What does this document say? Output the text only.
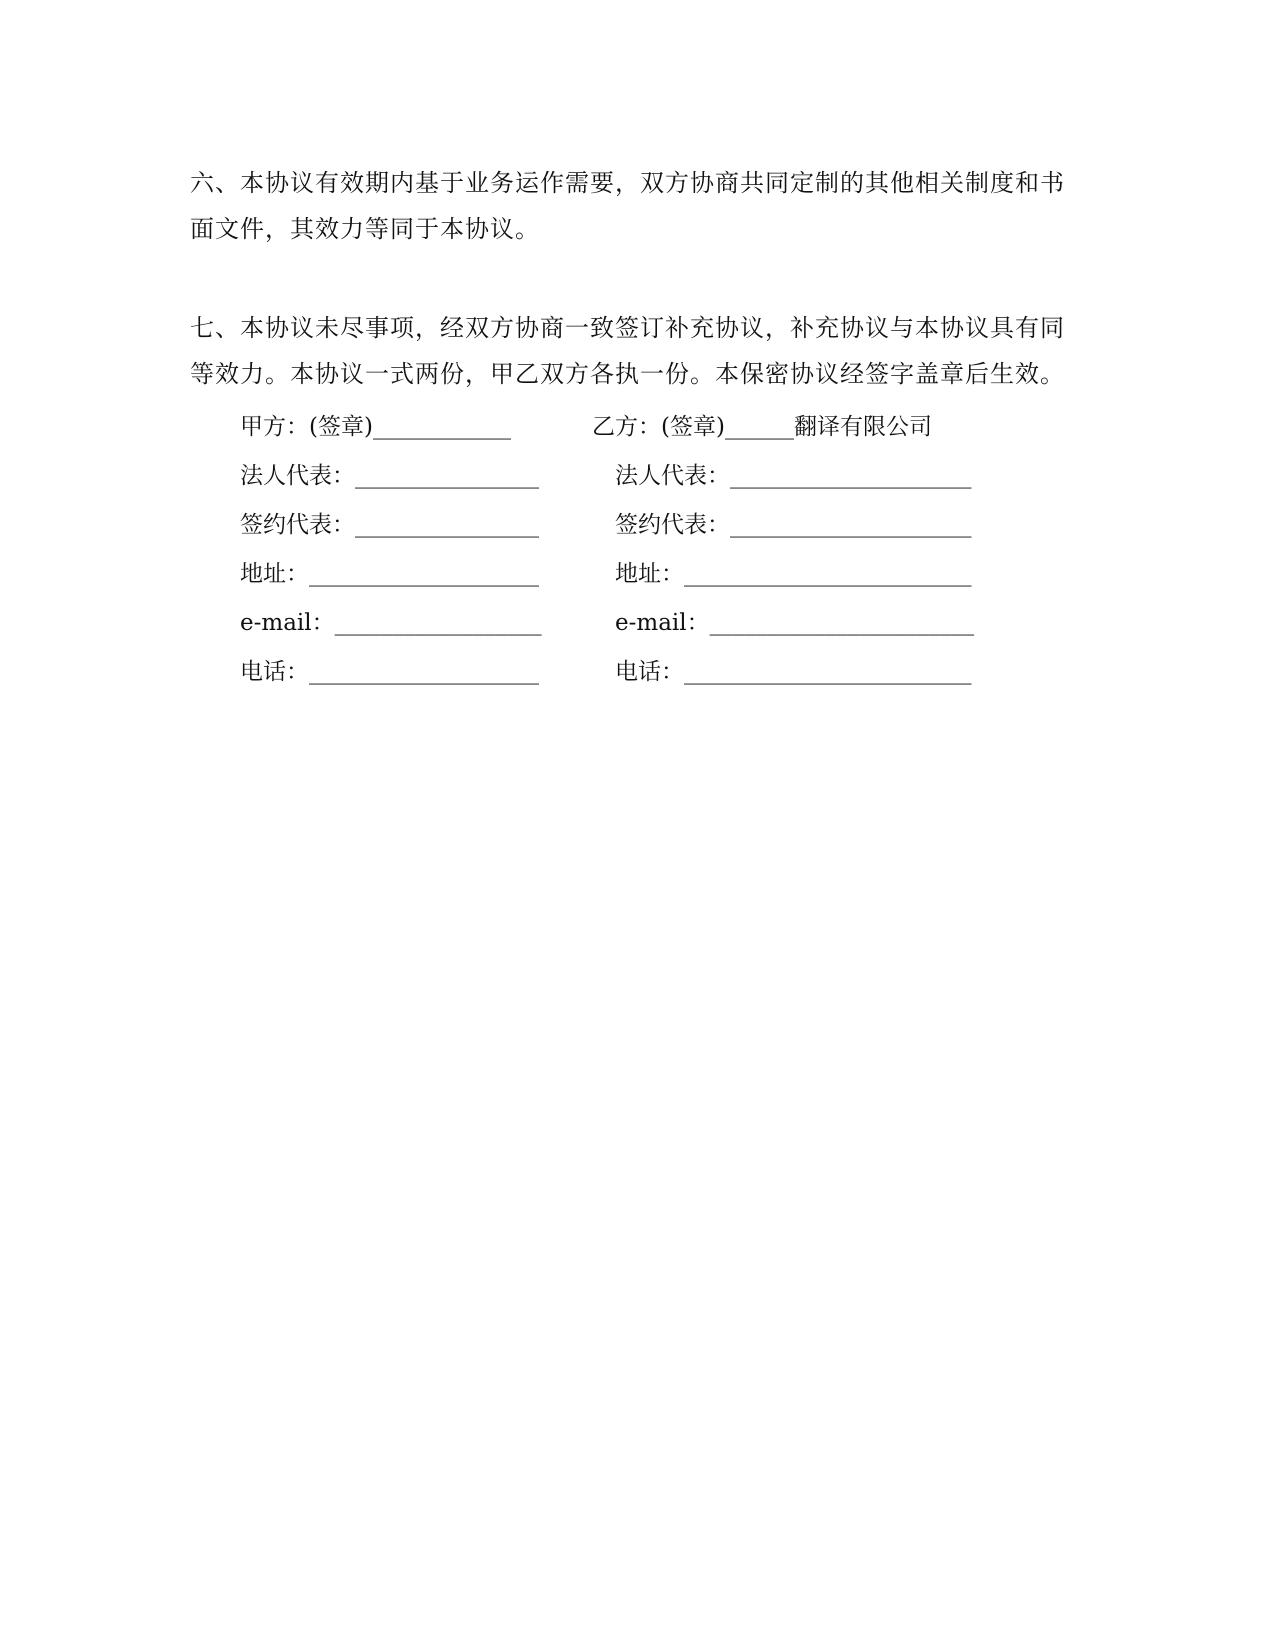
六、本协议有效期内基于业务运作需要，双方协商共同定制的其他相关制度和书面文件，其效力等同于本协议。

七、本协议未尽事项，经双方协商一致签订补充协议，补充协议与本协议具有同等效力。本协议一式两份，甲乙双方各执一份。本保密协议经签字盖章后生效。

甲方：(签章)____________	乙方：(签章)______翻译有限公司
法人代表：________________	法人代表：_____________________
签约代表：________________	签约代表：_____________________
地址：____________________	地址：_________________________
e-mail：__________________	e-mail：_______________________
电话：____________________	电话：_________________________
